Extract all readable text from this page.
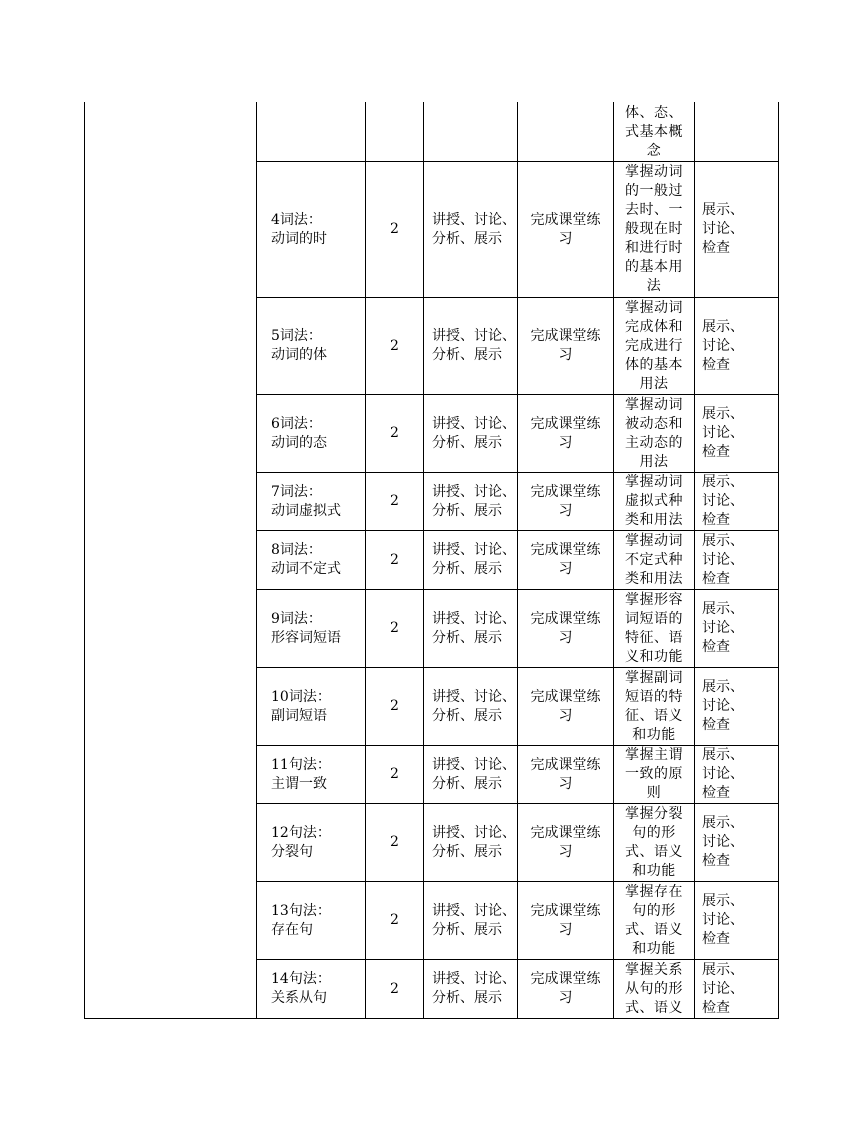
体、态、
式基本概
念
4词法：
动词的时
2
讲授、讨论、
分析、展示
完成课堂练
习
掌握动词
的一般过
去时、一
般现在时
和进行时
的基本用
法
展示、
讨论、
检查
5词法：
动词的体
2
讲授、讨论、
分析、展示
完成课堂练
习
掌握动词
完成体和
完成进行
体的基本
用法
展示、
讨论、
检查
6词法：
动词的态
2
讲授、讨论、
分析、展示
完成课堂练
习
掌握动词
被动态和
主动态的
用法
展示、
讨论、
检查
7词法：
动词虚拟式
2
讲授、讨论、
分析、展示
完成课堂练
习
掌握动词
虚拟式种
类和用法
展示、
讨论、
检查
8词法：
动词不定式
2
讲授、讨论、
分析、展示
完成课堂练
习
掌握动词
不定式种
类和用法
展示、
讨论、
检查
9词法：
形容词短语
2
讲授、讨论、
分析、展示
完成课堂练
习
掌握形容
词短语的
特征、语
义和功能
展示、
讨论、
检查
10词法：
副词短语
2
讲授、讨论、
分析、展示
完成课堂练
习
掌握副词
短语的特
征、语义
和功能
展示、
讨论、
检查
11句法：
主谓一致
2
讲授、讨论、
分析、展示
完成课堂练
习
掌握主谓
一致的原
则
展示、
讨论、
检查
12句法：
分裂句
2
讲授、讨论、
分析、展示
完成课堂练
习
掌握分裂
句的形
式、语义
和功能
展示、
讨论、
检查
13句法：
存在句
2
讲授、讨论、
分析、展示
完成课堂练
习
掌握存在
句的形
式、语义
和功能
展示、
讨论、
检查
14句法：
关系从句
2
讲授、讨论、
分析、展示
完成课堂练
习
掌握关系
从句的形
式、语义
展示、
讨论、
检查
